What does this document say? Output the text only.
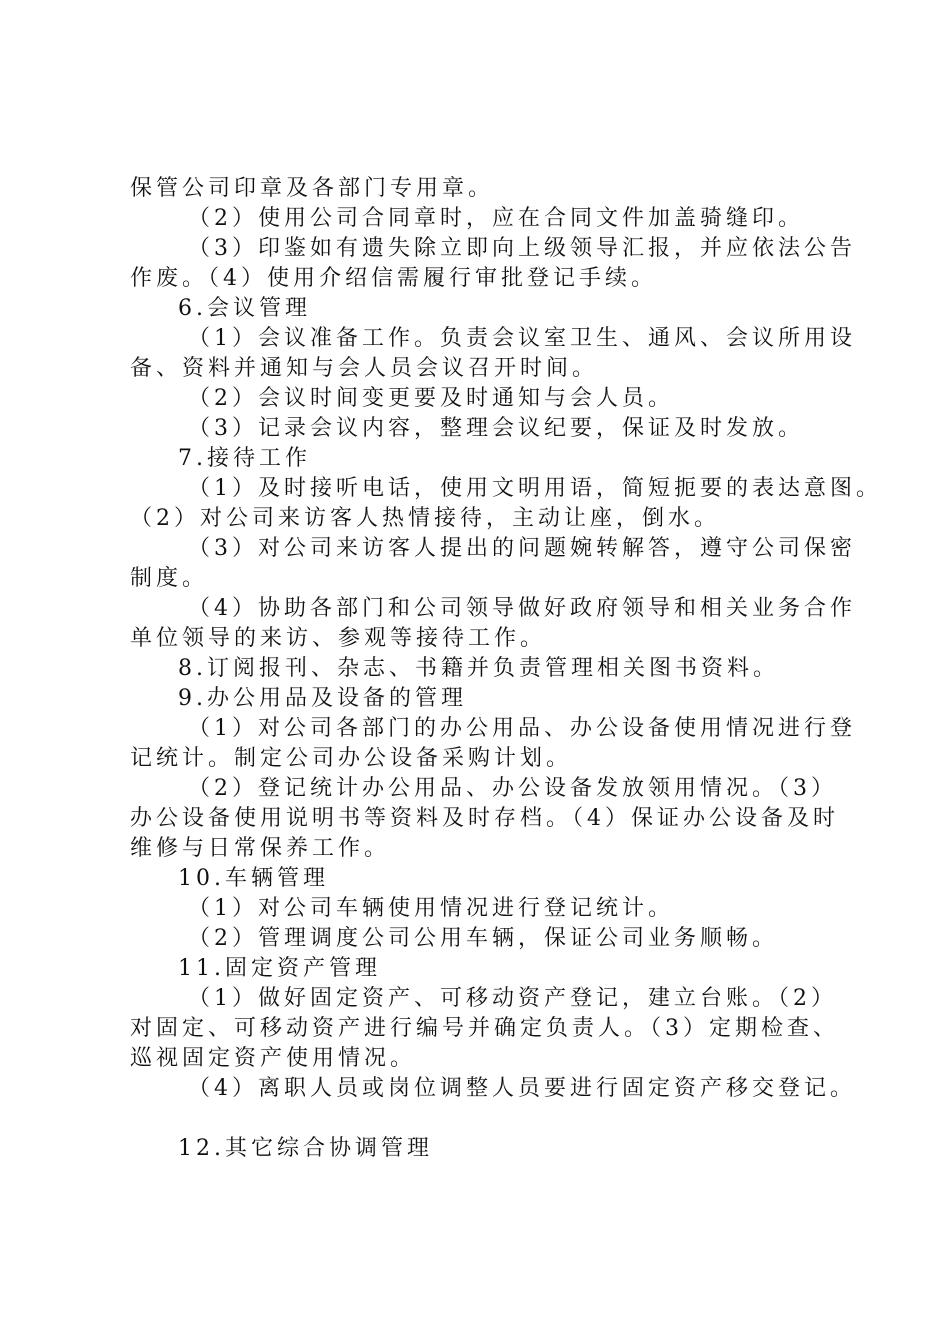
保管公司印章及各部门专用章。
（2）使用公司合同章时，应在合同文件加盖骑缝印。
（3）印鉴如有遗失除立即向上级领导汇报，并应依法公告
作废。（4）使用介绍信需履行审批登记手续。
6.会议管理
（1）会议准备工作。负责会议室卫生、通风、会议所用设
备、资料并通知与会人员会议召开时间。
（2）会议时间变更要及时通知与会人员。
（3）记录会议内容，整理会议纪要，保证及时发放。
7.接待工作
（1）及时接听电话，使用文明用语，简短扼要的表达意图。
（2）对公司来访客人热情接待，主动让座，倒水。
（3）对公司来访客人提出的问题婉转解答，遵守公司保密
制度。
（4）协助各部门和公司领导做好政府领导和相关业务合作
单位领导的来访、参观等接待工作。
8.订阅报刊、杂志、书籍并负责管理相关图书资料。
9.办公用品及设备的管理
（1）对公司各部门的办公用品、办公设备使用情况进行登
记统计。制定公司办公设备采购计划。
（2）登记统计办公用品、办公设备发放领用情况。（3）
办公设备使用说明书等资料及时存档。（4）保证办公设备及时
维修与日常保养工作。
10.车辆管理
（1）对公司车辆使用情况进行登记统计。
（2）管理调度公司公用车辆，保证公司业务顺畅。
11.固定资产管理
（1）做好固定资产、可移动资产登记，建立台账。（2）
对固定、可移动资产进行编号并确定负责人。（3）定期检查、
巡视固定资产使用情况。
（4）离职人员或岗位调整人员要进行固定资产移交登记。
12.其它综合协调管理
